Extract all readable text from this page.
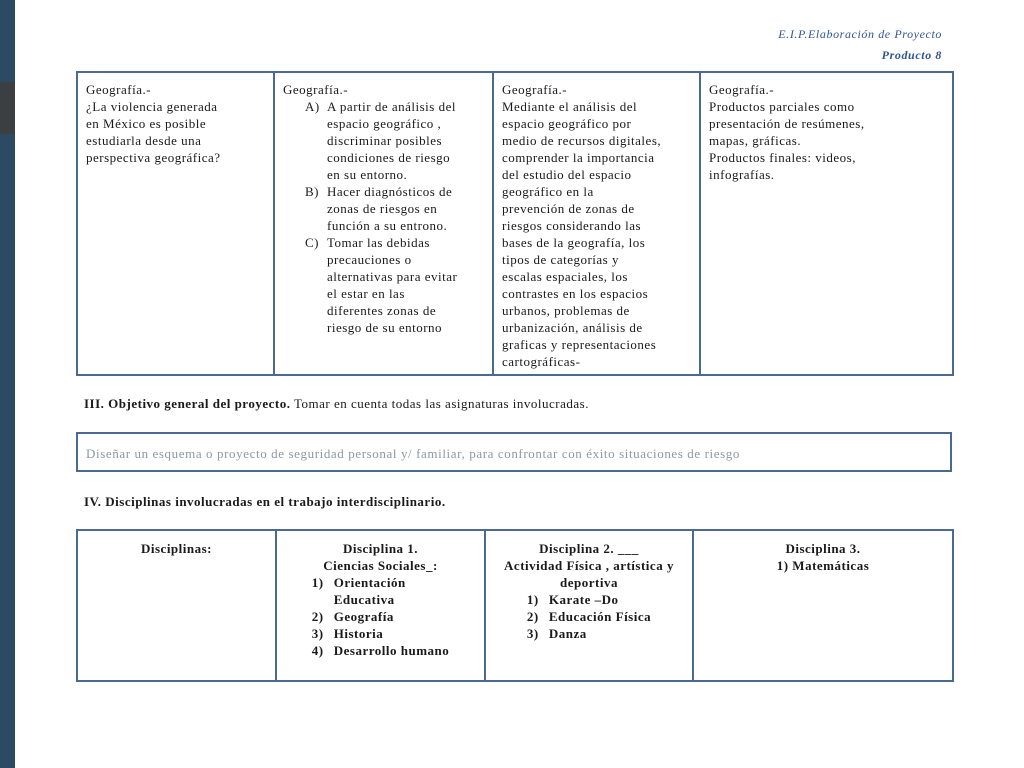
E.I.P.Elaboración de Proyecto
Producto 8
Geografía.-
¿La violencia generada
en México es posible
estudiarla desde una
perspectiva geográfica?

Geografía.-
A) A partir de análisis del
espacio geográfico ,
discriminar posibles
condiciones de riesgo
en su entorno.
B) Hacer diagnósticos de
zonas de riesgos en
función a su entrono.
C) Tomar las debidas
precauciones o
alternativas para evitar
el estar en las
diferentes zonas de
riesgo de su entorno

Geografía.-
Mediante el análisis del
espacio geográfico por
medio de recursos digitales,
comprender la importancia
del estudio del espacio
geográfico en la
prevención de zonas de
riesgos considerando las
bases de la geografía, los
tipos de categorías y
escalas espaciales, los
contrastes en los espacios
urbanos, problemas de
urbanización, análisis de
graficas y representaciones
cartográficas-

Geografía.-
Productos parciales como
presentación de resúmenes,
mapas, gráficas.
Productos finales: videos,
infografías.
III. Objetivo general del proyecto. Tomar en cuenta todas las asignaturas involucradas.
Diseñar un esquema o proyecto de seguridad personal y/ familiar, para confrontar con éxito situaciones de riesgo
IV. Disciplinas involucradas en el trabajo interdisciplinario.
Disciplinas:	Disciplina 1.
Ciencias Sociales_:
1) Orientación
Educativa
2) Geografía
3) Historia
4) Desarrollo humano

Disciplina 2. ___
Actividad Física , artística y
deportiva
1) Karate –Do
2) Educación Física
3) Danza

Disciplina 3.
1) Matemáticas
